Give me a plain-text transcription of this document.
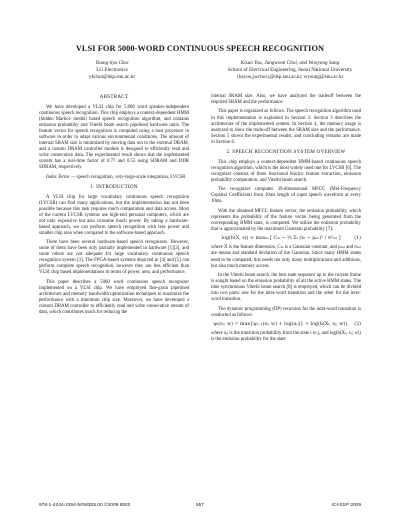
VLSI FOR 5000-WORD CONTINUOUS SPEECH RECOGNITION
Young-kyu Choi
LG Electronics
ykchoi@dsp.snu.ac.kr
Kisun You, Jungwook Choi, and Wonyong Sung
School of Electrical Engineering, Seoul National University
{ksyou,jwchoi}@dsp.snu.ac.kr, wysung@snu.ac.kr
ABSTRACT

We have developed a VLSI chip for 5,000 word speaker-independent continuous speech recognition. This chip employs a context-dependent HMM (hidden Markov model) based speech recognition algorithm, and contains emission probability and Viterbi beam search pipelined hardware units. The feature vector for speech recognition is computed using a host processor in software in order to adapt various environmental conditions. The amount of internal SRAM size is minimized by moving data out to the external DRAM, and a custom DRAM controller module is designed to efficiently read and write consecutive data. The experimental result shows that the implemented system has a real-time factor of 0.77 and 0.55 using SDRAM and DDR SDRAM, respectively.

Index Terms — speech recognition, very-large-scale integration, LVCSR

1. INTRODUCTION

A VLSI chip for large vocabulary continuous speech recognition (LVCSR) can find many applications, but the implementation has not been possible because this task requires much computation and data access. Most of the current LVCSR systems use high-end personal computers, which are not only expensive but also consume much power. By taking a hardware-based approach, we can perform speech recognition with less power and smaller chip area when compared to the software-based approach.

There have been several hardware-based speech recognizers. However, some of them have been only partially implemented in hardware [1][2], and some others are not adequate for large vocabulary continuous speech recognition system [3]. The FPGA-based systems depicted in [4] and [5] can perform complete speech recognition, however they are less efficient than VLSI chip based implementations in terms of power, area, and performance.

This paper describes a 5000 word continuous speech recognizer implemented on a VLSI chip. We have employed fine-grain pipelined architecture and memory bandwidth optimization techniques to maximize the performance with a minimum chip size. Moreover, we have developed a custom DRAM controller to efficiently read and write consecutive stream of data, which contributes much for reducing the

internal SRAM size. Also, we have analyzed the tradeoff between the required SRAM and the performance.

This paper is organized as follows. The speech recognition algorithm used in this implementation is explained in Section 2. Section 3 describes the architecture of the implemented system. In Section 4, the memory usage is analyzed to show the trade-off between the SRAM size and the performance. Section 5 shows the experimental results, and concluding remarks are made in Section 6.

2. SPEECH RECOGNITION SYSTEM OVERVIEW

This chip employs a context-dependent HMM-based continuous speech recognition algorithm, which is the most widely used one for LVCSR [6]. The recognizer consists of three functional blocks: feature extraction, emission probability computation, and Viterbi beam search.

The recognizer computes 39-dimensional MFCC (Mel-Frequency Cepstral Coefficient) from 10ms length of input speech waveform at every 10ms.

With the obtained MFCC feature vector, the emission probability, which represents the probability of the feature vector being generated from the corresponding HMM state, is computed. We utilize the emission probability that is approximated by the maximum Gaussian probability [7]:

log(b(X, s)) ≈ maxₘ [ Cₘ − ½ Σₗ (xₗ − μₘₗ)² / σ²ₘₗ ]	(1)

where X is the feature dimension, Cₘ is a Gaussian constant, and μₘₗ and σₘₗ are means and standard deviation of the Gaussian. Since many HMM states need to be compared, this needs not only many multiplications and additions, but also much memory access.

In the Viterbi beam search, the best state sequence up to the current frame is sought based on the emission probability of all the active HMM states. The time synchronous Viterbi beam search [8] is employed, which can be divided into two parts: one for the intra-word transition and the other for the inter-word transition.

The dynamic programming (DP) recursion for the intra-word transition is conducted as follows:

ψₜ(sⱼ; w) = max{ψₜ₋₁(sᵢ; w) + log(aᵢⱼ)} + log(b(Xₜ, sⱼ; w)),	(2)

where aᵢⱼ is the transition probability from the state i to j, and log(b(Xₜ, sⱼ; w)) is the emission probability for the state

978-1-4244-2354-5/09/$25.00 ©2009 IEEE	557	ICASSP 2009
